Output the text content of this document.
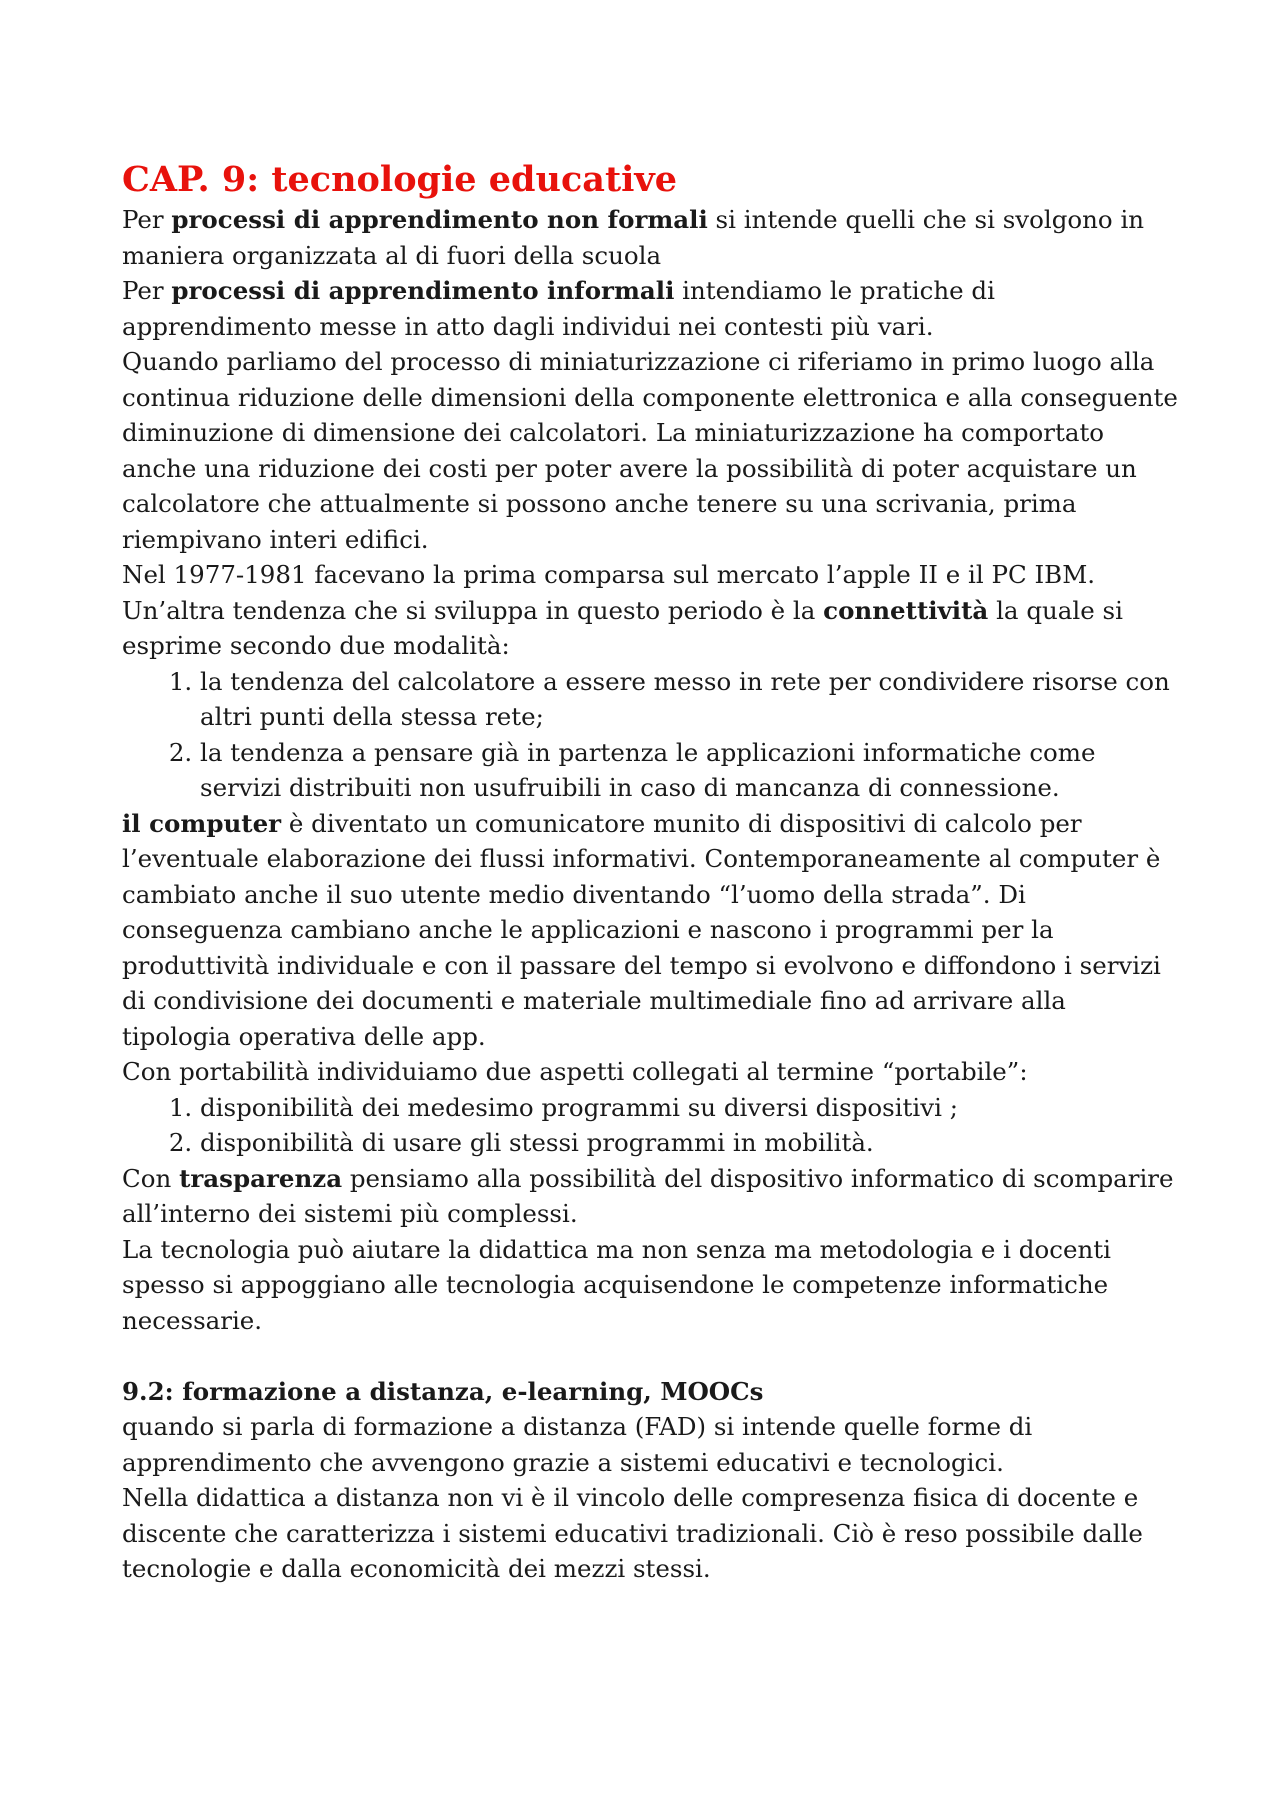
CAP. 9: tecnologie educative

Per processi di apprendimento non formali si intende quelli che si svolgono in maniera organizzata al di fuori della scuola

Per processi di apprendimento informali intendiamo le pratiche di apprendimento messe in atto dagli individui nei contesti più vari.

Quando parliamo del processo di miniaturizzazione ci riferiamo in primo luogo alla continua riduzione delle dimensioni della componente elettronica e alla conseguente diminuzione di dimensione dei calcolatori. La miniaturizzazione ha comportato anche una riduzione dei costi per poter avere la possibilità di poter acquistare un calcolatore che attualmente si possono anche tenere su una scrivania, prima riempivano interi edifici.

Nel 1977-1981 facevano la prima comparsa sul mercato l’apple II e il PC IBM.

Un’altra tendenza che si sviluppa in questo periodo è la connettività la quale si esprime secondo due modalità:

1. la tendenza del calcolatore a essere messo in rete per condividere risorse con altri punti della stessa rete;
2. la tendenza a pensare già in partenza le applicazioni informatiche come servizi distribuiti non usufruibili in caso di mancanza di connessione.

il computer è diventato un comunicatore munito di dispositivi di calcolo per l’eventuale elaborazione dei flussi informativi. Contemporaneamente al computer è cambiato anche il suo utente medio diventando “l’uomo della strada”. Di conseguenza cambiano anche le applicazioni e nascono i programmi per la produttività individuale e con il passare del tempo si evolvono e diffondono i servizi di condivisione dei documenti e materiale multimediale fino ad arrivare alla tipologia operativa delle app.

Con portabilità individuiamo due aspetti collegati al termine “portabile”:

1. disponibilità dei medesimo programmi su diversi dispositivi ;
2. disponibilità di usare gli stessi programmi in mobilità.

Con trasparenza pensiamo alla possibilità del dispositivo informatico di scomparire all’interno dei sistemi più complessi.

La tecnologia può aiutare la didattica ma non senza ma metodologia e i docenti spesso si appoggiano alle tecnologia acquisendone le competenze informatiche necessarie.

9.2: formazione a distanza, e-learning, MOOCs

quando si parla di formazione a distanza (FAD) si intende quelle forme di apprendimento che avvengono grazie a sistemi educativi e tecnologici.

Nella didattica a distanza non vi è il vincolo delle compresenza fisica di docente e discente che caratterizza i sistemi educativi tradizionali. Ciò è reso possibile dalle tecnologie e dalla economicità dei mezzi stessi.
